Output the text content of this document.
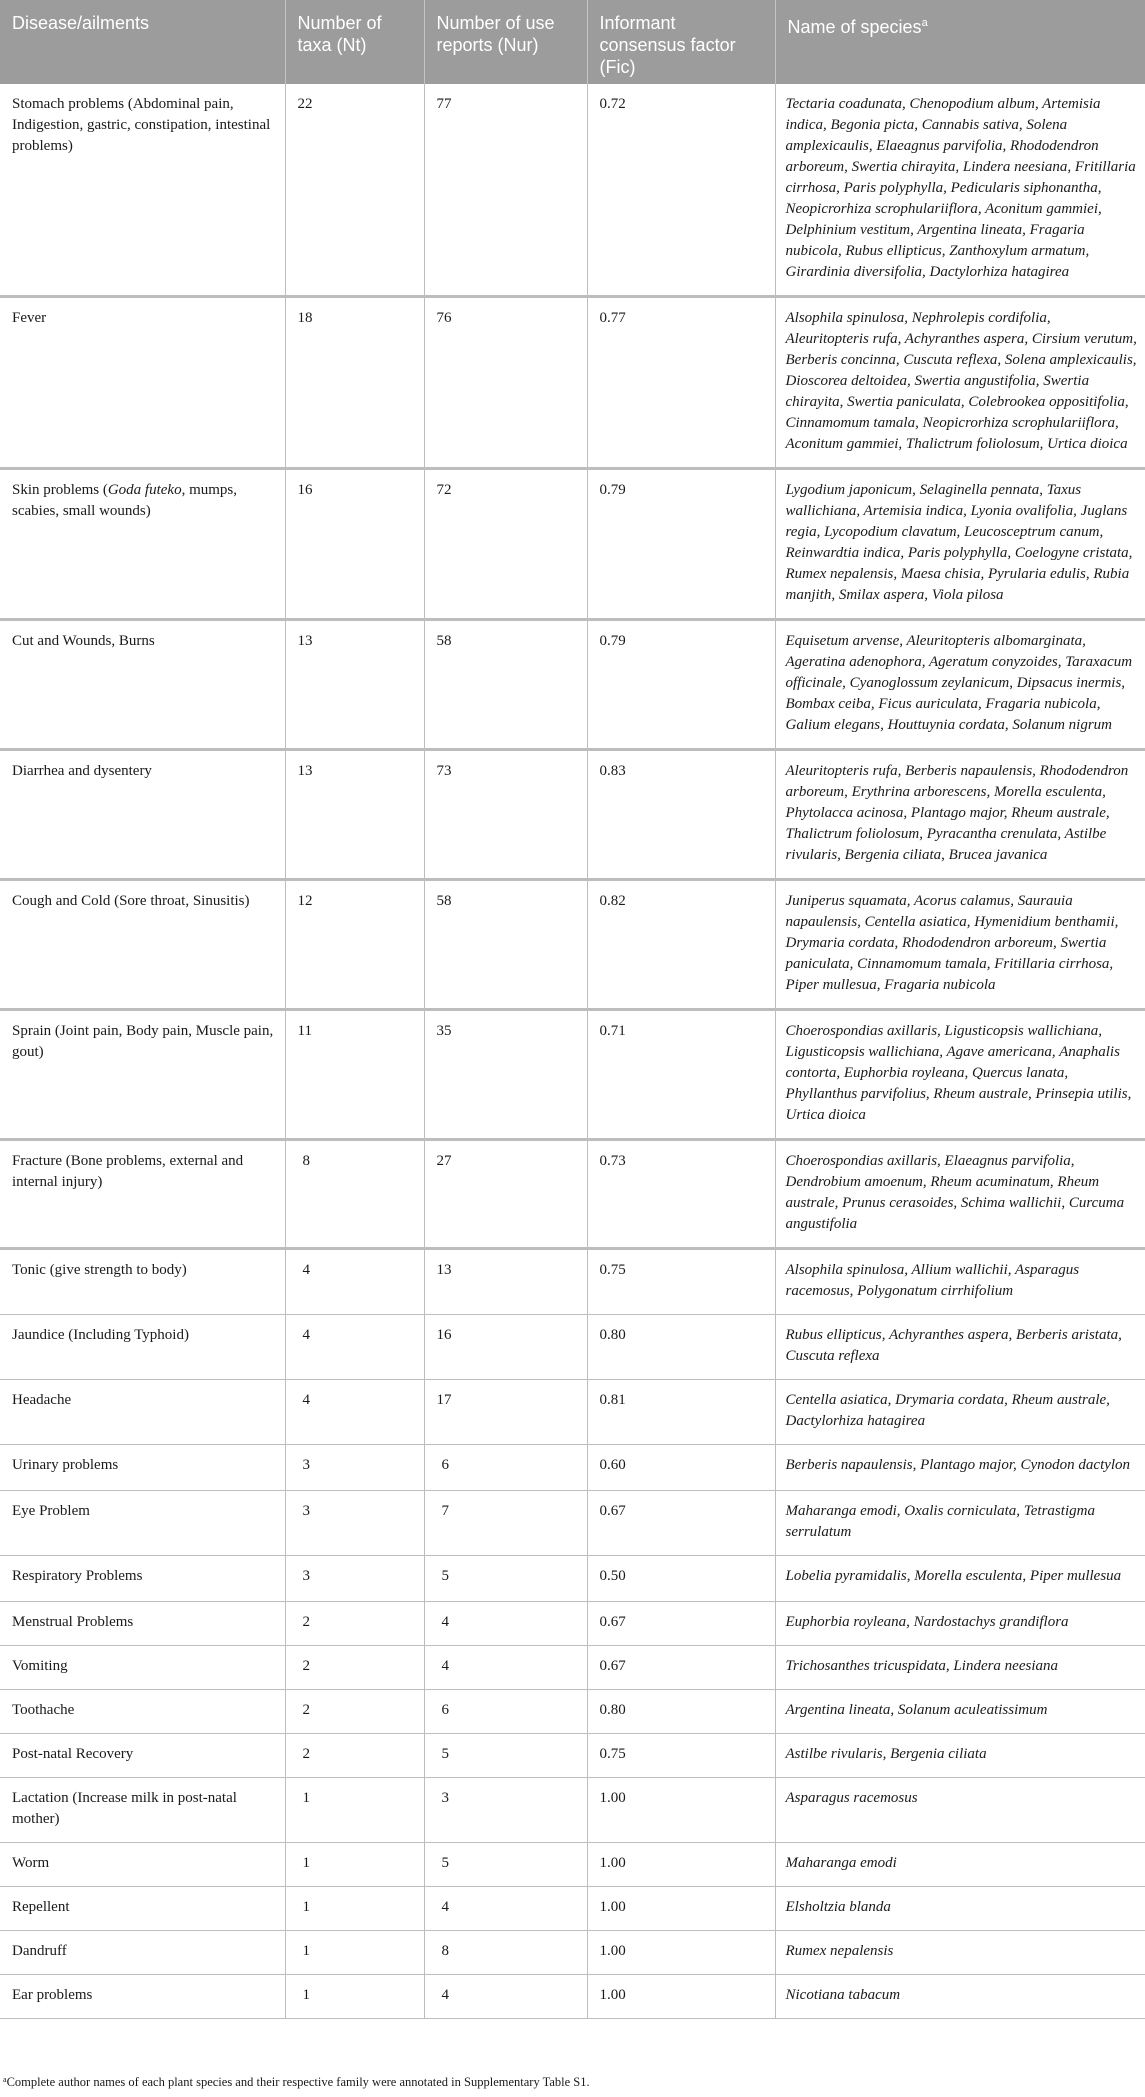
Disease/ailments	Number of taxa (Nt)	Number of use reports (Nur)	Informant consensus factor (Fic)	Name of species$^a$
Stomach problems (Abdominal pain, Indigestion, gastric, constipation, intestinal problems)	22	77	0.72	Tectaria coadunata, Chenopodium album, Artemisia indica, Begonia picta, Cannabis sativa, Solena amplexicaulis, Elaeagnus parvifolia, Rhododendron arboreum, Swertia chirayita, Lindera neesiana, Fritillaria cirrhosa, Paris polyphylla, Pedicularis siphonantha, Neopicrorhiza scrophulariiflora, Aconitum gammiei, Delphinium vestitum, Argentina lineata, Fragaria nubicola, Rubus ellipticus, Zanthoxylum armatum, Girardinia diversifolia, Dactylorhiza hatagirea
Fever	18	76	0.77	Alsophila spinulosa, Nephrolepis cordifolia, Aleuritopteris rufa, Achyranthes aspera, Cirsium verutum, Berberis concinna, Cuscuta reflexa, Solena amplexicaulis, Dioscorea deltoidea, Swertia angustifolia, Swertia chirayita, Swertia paniculata, Colebrookea oppositifolia, Cinnamomum tamala, Neopicrorhiza scrophulariiflora, Aconitum gammiei, Thalictrum foliolosum, Urtica dioica
Skin problems (Goda futeko, mumps, scabies, small wounds)	16	72	0.79	Lygodium japonicum, Selaginella pennata, Taxus wallichiana, Artemisia indica, Lyonia ovalifolia, Juglans regia, Lycopodium clavatum, Leucosceptrum canum, Reinwardtia indica, Paris polyphylla, Coelogyne cristata, Rumex nepalensis, Maesa chisia, Pyrularia edulis, Rubia manjith, Smilax aspera, Viola pilosa
Cut and Wounds, Burns	13	58	0.79	Equisetum arvense, Aleuritopteris albomarginata, Ageratina adenophora, Ageratum conyzoides, Taraxacum officinale, Cyanoglossum zeylanicum, Dipsacus inermis, Bombax ceiba, Ficus auriculata, Fragaria nubicola, Galium elegans, Houttuynia cordata, Solanum nigrum
Diarrhea and dysentery	13	73	0.83	Aleuritopteris rufa, Berberis napaulensis, Rhododendron arboreum, Erythrina arborescens, Morella esculenta, Phytolacca acinosa, Plantago major, Rheum australe, Thalictrum foliolosum, Pyracantha crenulata, Astilbe rivularis, Bergenia ciliata, Brucea javanica
Cough and Cold (Sore throat, Sinusitis)	12	58	0.82	Juniperus squamata, Acorus calamus, Saurauia napaulensis, Centella asiatica, Hymenidium benthamii, Drymaria cordata, Rhododendron arboreum, Swertia paniculata, Cinnamomum tamala, Fritillaria cirrhosa, Piper mullesua, Fragaria nubicola
Sprain (Joint pain, Body pain, Muscle pain, gout)	11	35	0.71	Choerospondias axillaris, Ligusticopsis wallichiana, Ligusticopsis wallichiana, Agave americana, Anaphalis contorta, Euphorbia royleana, Quercus lanata, Phyllanthus parvifolius, Rheum australe, Prinsepia utilis, Urtica dioica
Fracture (Bone problems, external and internal injury)	8	27	0.73	Choerospondias axillaris, Elaeagnus parvifolia, Dendrobium amoenum, Rheum acuminatum, Rheum australe, Prunus cerasoides, Schima wallichii, Curcuma angustifolia
Tonic (give strength to body)	4	13	0.75	Alsophila spinulosa, Allium wallichii, Asparagus racemosus, Polygonatum cirrhifolium
Jaundice (Including Typhoid)	4	16	0.80	Rubus ellipticus, Achyranthes aspera, Berberis aristata, Cuscuta reflexa
Headache	4	17	0.81	Centella asiatica, Drymaria cordata, Rheum australe, Dactylorhiza hatagirea
Urinary problems	3	6	0.60	Berberis napaulensis, Plantago major, Cynodon dactylon
Eye Problem	3	7	0.67	Maharanga emodi, Oxalis corniculata, Tetrastigma serrulatum
Respiratory Problems	3	5	0.50	Lobelia pyramidalis, Morella esculenta, Piper mullesua
Menstrual Problems	2	4	0.67	Euphorbia royleana, Nardostachys grandiflora
Vomiting	2	4	0.67	Trichosanthes tricuspidata, Lindera neesiana
Toothache	2	6	0.80	Argentina lineata, Solanum aculeatissimum
Post-natal Recovery	2	5	0.75	Astilbe rivularis, Bergenia ciliata
Lactation (Increase milk in post-natal mother)	1	3	1.00	Asparagus racemosus
Worm	1	5	1.00	Maharanga emodi
Repellent	1	4	1.00	Elsholtzia blanda
Dandruff	1	8	1.00	Rumex nepalensis
Ear problems	1	4	1.00	Nicotiana tabacum
$^a$Complete author names of each plant species and their respective family were annotated in Supplementary Table S1.
